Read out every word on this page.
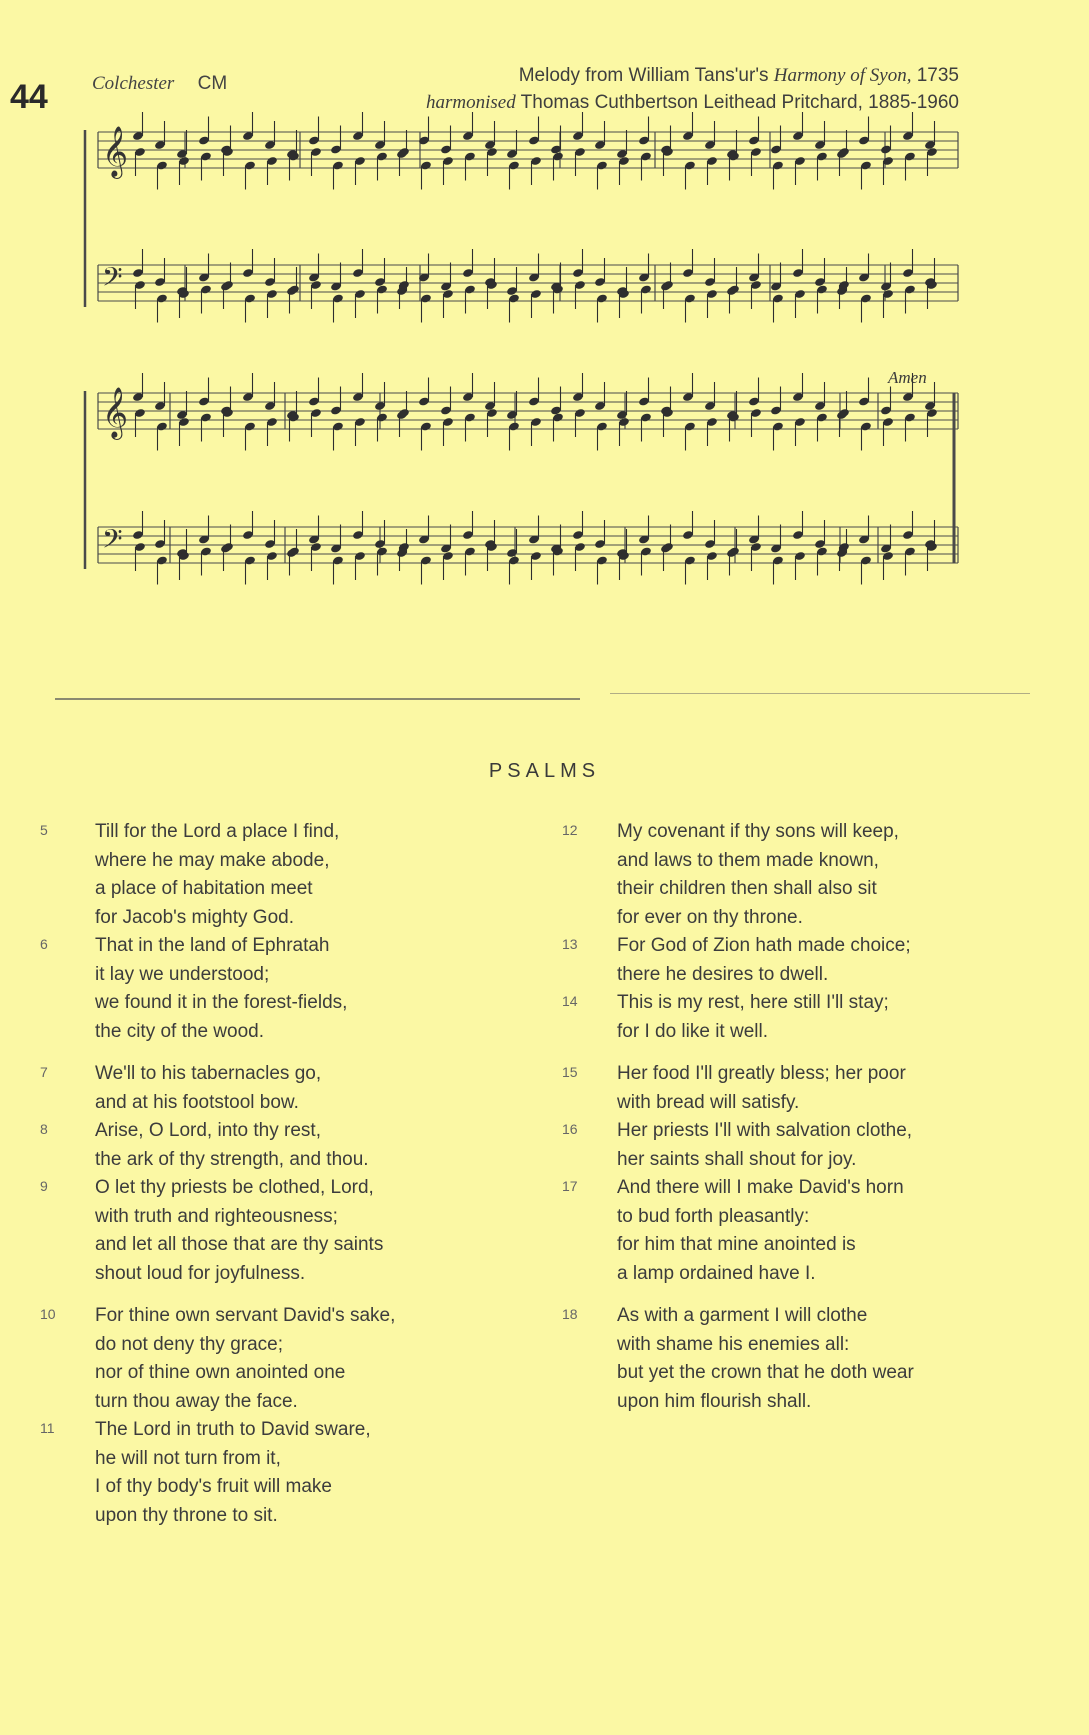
44 Colchester CM	Melody from William Tans'ur's Harmony of Syon, 1735
harmonised Thomas Cuthbertson Leithead Pritchard, 1885-1960
Amen
𝄞
𝄢
𝄞
𝄢
PSALMS
5	Till for the Lord a place I find,
where he may make abode,
a place of habitation meet
for Jacob's mighty God.
6	That in the land of Ephratah
it lay we understood;
we found it in the forest-fields,
the city of the wood.
7	We'll to his tabernacles go,
and at his footstool bow.
8	Arise, O Lord, into thy rest,
the ark of thy strength, and thou.
9	O let thy priests be clothed, Lord,
with truth and righteousness;
and let all those that are thy saints
shout loud for joyfulness.
10	For thine own servant David's sake,
do not deny thy grace;
nor of thine own anointed one
turn thou away the face.
11	The Lord in truth to David sware,
he will not turn from it,
I of thy body's fruit will make
upon thy throne to sit.
12	My covenant if thy sons will keep,
and laws to them made known,
their children then shall also sit
for ever on thy throne.
13	For God of Zion hath made choice;
there he desires to dwell.
14	This is my rest, here still I'll stay;
for I do like it well.
15	Her food I'll greatly bless; her poor
with bread will satisfy.
16	Her priests I'll with salvation clothe,
her saints shall shout for joy.
17	And there will I make David's horn
to bud forth pleasantly:
for him that mine anointed is
a lamp ordained have I.
18	As with a garment I will clothe
with shame his enemies all:
but yet the crown that he doth wear
upon him flourish shall.
